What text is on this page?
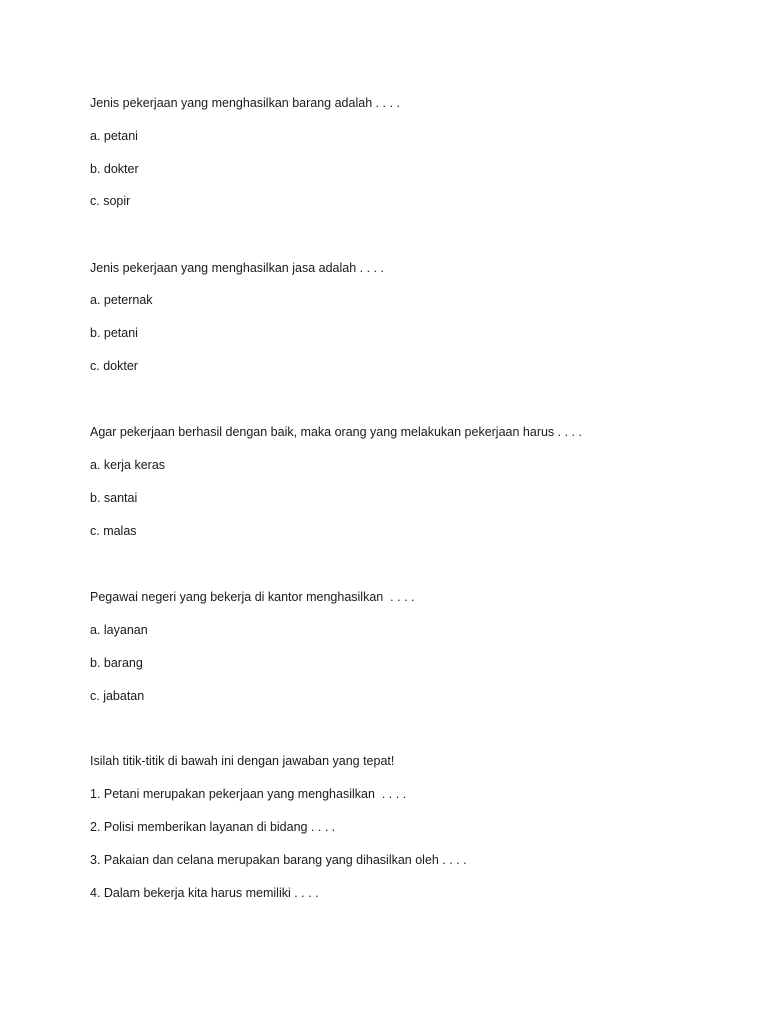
Jenis pekerjaan yang menghasilkan barang adalah . . . .
a. petani
b. dokter
c. sopir
Jenis pekerjaan yang menghasilkan jasa adalah . . . .
a. peternak
b. petani
c. dokter
Agar pekerjaan berhasil dengan baik, maka orang yang melakukan pekerjaan harus . . . .
a. kerja keras
b. santai
c. malas
Pegawai negeri yang bekerja di kantor menghasilkan  . . . .
a. layanan
b. barang
c. jabatan
Isilah titik-titik di bawah ini dengan jawaban yang tepat!
1. Petani merupakan pekerjaan yang menghasilkan  . . . .
2. Polisi memberikan layanan di bidang . . . .
3. Pakaian dan celana merupakan barang yang dihasilkan oleh . . . .
4. Dalam bekerja kita harus memiliki . . . .
